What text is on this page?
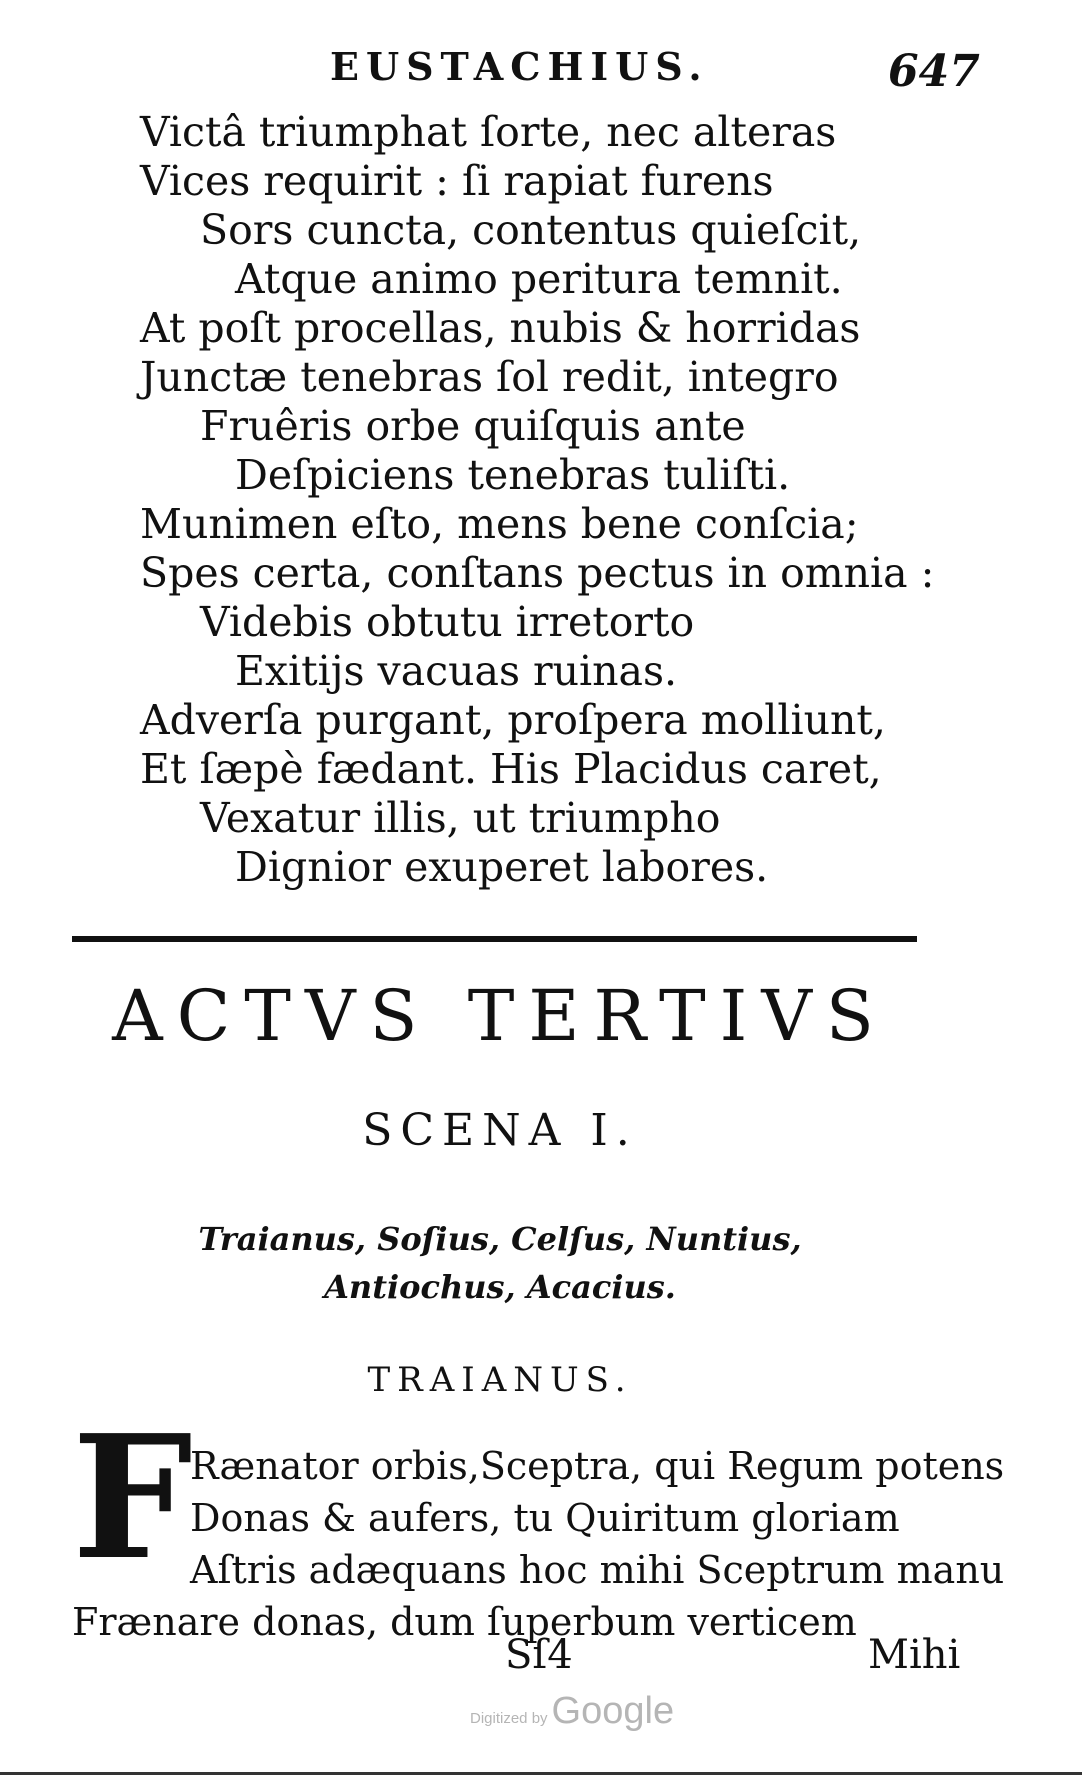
EUSTACHIUS.	647
Victâ triumphat ſorte, nec alteras
Vices requirit : ſi rapiat furens
Sors cuncta, contentus quieſcit,
Atque animo peritura temnit.
At poſt procellas, nubis & horridas
Junctæ tenebras ſol redit, integro
Fruêris orbe quiſquis ante
Deſpiciens tenebras tuliſti.
Munimen eſto, mens bene conſcia;
Spes certa, conſtans pectus in omnia :
Videbis obtutu irretorto
Exitijs vacuas ruinas.
Adverſa purgant, proſpera molliunt,
Et ſæpè fædant. His Placidus caret,
Vexatur illis, ut triumpho
Dignior exuperet labores.
ACTVS TERTIVS
SCENA I.
Traianus, Soſius, Celſus, Nuntius,
Antiochus, Acacius.
TRAIANUS.
F
Rænator orbis,Sceptra, qui Regum potens
Donas & aufers, tu Quiritum gloriam
Aſtris adæquans hoc mihi Sceptrum manu
Frænare donas, dum ſuperbum verticem
Sſ4	Mihi
Digitized by Google
